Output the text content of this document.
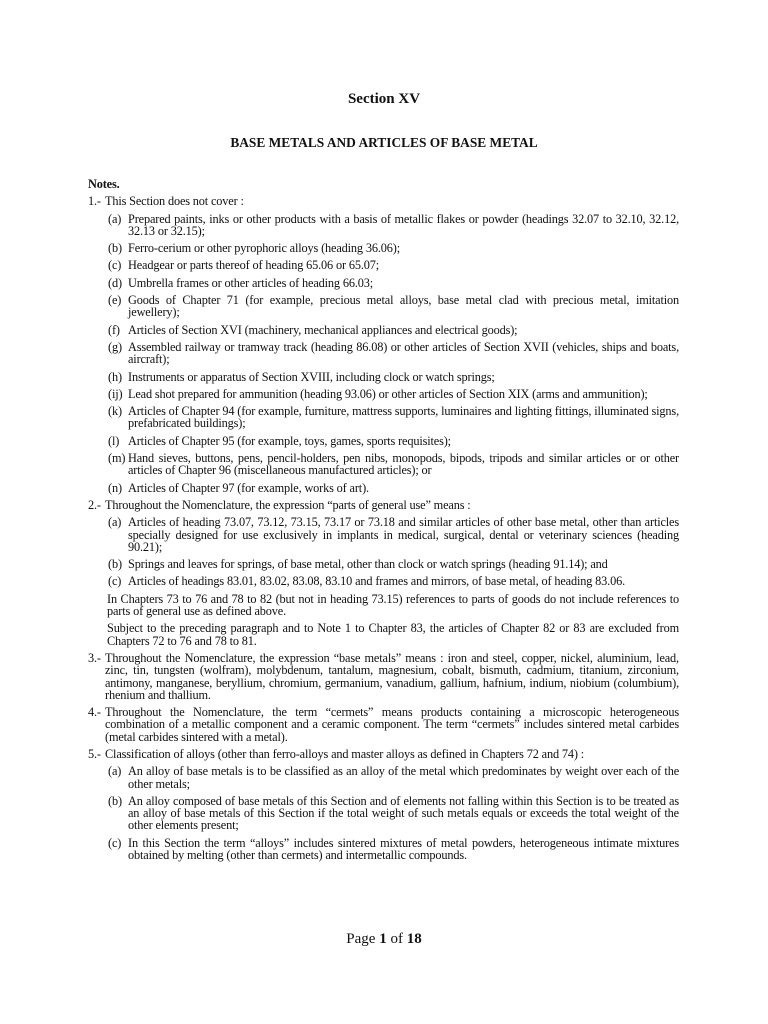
Section XV
BASE METALS AND ARTICLES OF BASE METAL
Notes.
1.- This Section does not cover :
(a) Prepared paints, inks or other products with a basis of metallic flakes or powder (headings 32.07 to 32.10, 32.12, 32.13 or 32.15);
(b) Ferro-cerium or other pyrophoric alloys (heading 36.06);
(c) Headgear or parts thereof of heading 65.06 or 65.07;
(d) Umbrella frames or other articles of heading 66.03;
(e) Goods of Chapter 71 (for example, precious metal alloys, base metal clad with precious metal, imitation jewellery);
(f) Articles of Section XVI (machinery, mechanical appliances and electrical goods);
(g) Assembled railway or tramway track (heading 86.08) or other articles of Section XVII (vehicles, ships and boats, aircraft);
(h) Instruments or apparatus of Section XVIII, including clock or watch springs;
(ij) Lead shot prepared for ammunition (heading 93.06) or other articles of Section XIX (arms and ammunition);
(k) Articles of Chapter 94 (for example, furniture, mattress supports, luminaires and lighting fittings, illuminated signs, prefabricated buildings);
(l) Articles of Chapter 95 (for example, toys, games, sports requisites);
(m) Hand sieves, buttons, pens, pencil-holders, pen nibs, monopods, bipods, tripods and similar articles or or other articles of Chapter 96 (miscellaneous manufactured articles); or
(n) Articles of Chapter 97 (for example, works of art).
2.- Throughout the Nomenclature, the expression “parts of general use” means :
(a) Articles of heading 73.07, 73.12, 73.15, 73.17 or 73.18 and similar articles of other base metal, other than articles specially designed for use exclusively in implants in medical, surgical, dental or veterinary sciences (heading 90.21);
(b) Springs and leaves for springs, of base metal, other than clock or watch springs (heading 91.14); and
(c) Articles of headings 83.01, 83.02, 83.08, 83.10 and frames and mirrors, of base metal, of heading 83.06.
In Chapters 73 to 76 and 78 to 82 (but not in heading 73.15) references to parts of goods do not include references to parts of general use as defined above.
Subject to the preceding paragraph and to Note 1 to Chapter 83, the articles of Chapter 82 or 83 are excluded from Chapters 72 to 76 and 78 to 81.
3.- Throughout the Nomenclature, the expression “base metals” means : iron and steel, copper, nickel, aluminium, lead, zinc, tin, tungsten (wolfram), molybdenum, tantalum, magnesium, cobalt, bismuth, cadmium, titanium, zirconium, antimony, manganese, beryllium, chromium, germanium, vanadium, gallium, hafnium, indium, niobium (columbium), rhenium and thallium.
4.- Throughout the Nomenclature, the term “cermets” means products containing a microscopic heterogeneous combination of a metallic component and a ceramic component. The term “cermets” includes sintered metal carbides (metal carbides sintered with a metal).
5.- Classification of alloys (other than ferro-alloys and master alloys as defined in Chapters 72 and 74) :
(a) An alloy of base metals is to be classified as an alloy of the metal which predominates by weight over each of the other metals;
(b) An alloy composed of base metals of this Section and of elements not falling within this Section is to be treated as an alloy of base metals of this Section if the total weight of such metals equals or exceeds the total weight of the other elements present;
(c) In this Section the term “alloys” includes sintered mixtures of metal powders, heterogeneous intimate mixtures obtained by melting (other than cermets) and intermetallic compounds.
Page 1 of 18
